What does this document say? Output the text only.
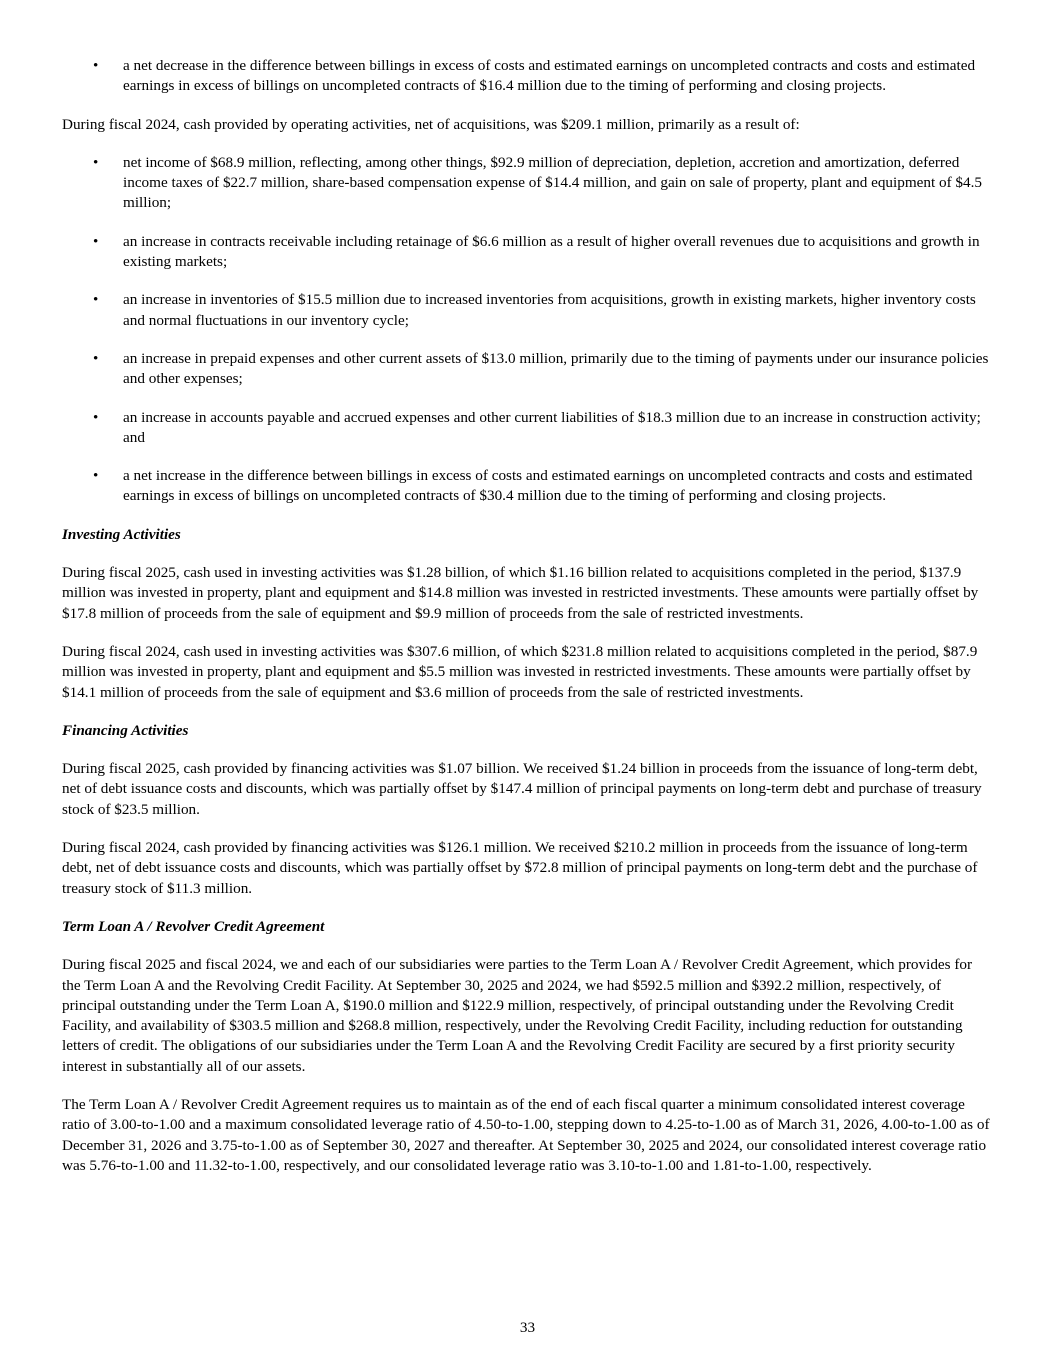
•	a net decrease in the difference between billings in excess of costs and estimated earnings on uncompleted contracts and costs and estimated earnings in excess of billings on uncompleted contracts of $16.4 million due to the timing of performing and closing projects.

During fiscal 2024, cash provided by operating activities, net of acquisitions, was $209.1 million, primarily as a result of:

•	net income of $68.9 million, reflecting, among other things, $92.9 million of depreciation, depletion, accretion and amortization, deferred income taxes of $22.7 million, share-based compensation expense of $14.4 million, and gain on sale of property, plant and equipment of $4.5 million;
•	an increase in contracts receivable including retainage of $6.6 million as a result of higher overall revenues due to acquisitions and growth in existing markets;
•	an increase in inventories of $15.5 million due to increased inventories from acquisitions, growth in existing markets, higher inventory costs and normal fluctuations in our inventory cycle;
•	an increase in prepaid expenses and other current assets of $13.0 million, primarily due to the timing of payments under our insurance policies and other expenses;
•	an increase in accounts payable and accrued expenses and other current liabilities of $18.3 million due to an increase in construction activity; and
•	a net increase in the difference between billings in excess of costs and estimated earnings on uncompleted contracts and costs and estimated earnings in excess of billings on uncompleted contracts of $30.4 million due to the timing of performing and closing projects.
Investing Activities

During fiscal 2025, cash used in investing activities was $1.28 billion, of which $1.16 billion related to acquisitions completed in the period, $137.9 million was invested in property, plant and equipment and $14.8 million was invested in restricted investments. These amounts were partially offset by $17.8 million of proceeds from the sale of equipment and $9.9 million of proceeds from the sale of restricted investments.

During fiscal 2024, cash used in investing activities was $307.6 million, of which $231.8 million related to acquisitions completed in the period, $87.9 million was invested in property, plant and equipment and $5.5 million was invested in restricted investments. These amounts were partially offset by $14.1 million of proceeds from the sale of equipment and $3.6 million of proceeds from the sale of restricted investments.

Financing Activities

During fiscal 2025, cash provided by financing activities was $1.07 billion. We received $1.24 billion in proceeds from the issuance of long-term debt, net of debt issuance costs and discounts, which was partially offset by $147.4 million of principal payments on long-term debt and purchase of treasury stock of $23.5 million.

During fiscal 2024, cash provided by financing activities was $126.1 million. We received $210.2 million in proceeds from the issuance of long-term debt, net of debt issuance costs and discounts, which was partially offset by $72.8 million of principal payments on long-term debt and the purchase of treasury stock of $11.3 million.

Term Loan A / Revolver Credit Agreement

During fiscal 2025 and fiscal 2024, we and each of our subsidiaries were parties to the Term Loan A / Revolver Credit Agreement, which provides for the Term Loan A and the Revolving Credit Facility. At September 30, 2025 and 2024, we had $592.5 million and $392.2 million, respectively, of principal outstanding under the Term Loan A, $190.0 million and $122.9 million, respectively, of principal outstanding under the Revolving Credit Facility, and availability of $303.5 million and $268.8 million, respectively, under the Revolving Credit Facility, including reduction for outstanding letters of credit. The obligations of our subsidiaries under the Term Loan A and the Revolving Credit Facility are secured by a first priority security interest in substantially all of our assets.

The Term Loan A / Revolver Credit Agreement requires us to maintain as of the end of each fiscal quarter a minimum consolidated interest coverage ratio of 3.00-to-1.00 and a maximum consolidated leverage ratio of 4.50-to-1.00, stepping down to 4.25-to-1.00 as of March 31, 2026, 4.00-to-1.00 as of December 31, 2026 and 3.75-to-1.00 as of September 30, 2027 and thereafter. At September 30, 2025 and 2024, our consolidated interest coverage ratio was 5.76-to-1.00 and 11.32-to-1.00, respectively, and our consolidated leverage ratio was 3.10-to-1.00 and 1.81-to-1.00, respectively.

33
